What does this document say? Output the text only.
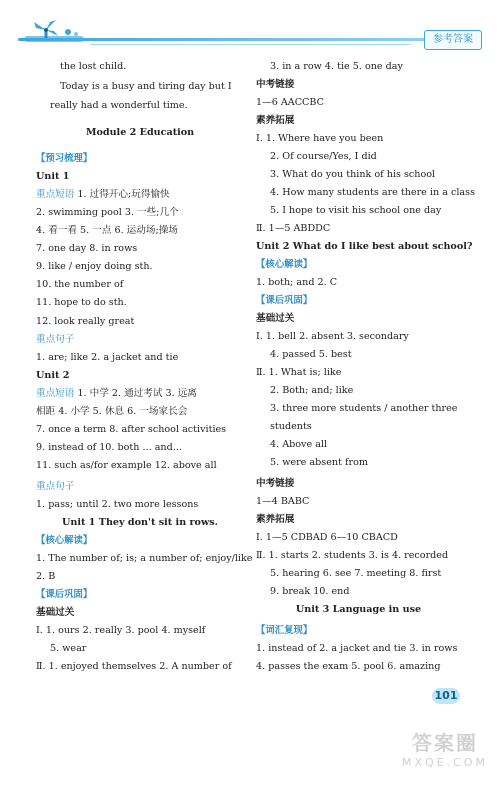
参考答案
the lost child.
Today is a busy and tiring day but I
really had a wonderful time.
Module 2 Education
【预习梳理】
Unit 1
重点短语 1. 过得开心;玩得愉快
2. swimming pool 3. 一些;几个
4. 看一看 5. 一点 6. 运动场;操场
7. one day 8. in rows
9. like / enjoy doing sth.
10. the number of
11. hope to do sth.
12. look really great
重点句子
1. are; like 2. a jacket and tie
Unit 2
重点短语 1. 中学 2. 通过考试 3. 远离
相距 4. 小学 5. 休息 6. 一场家长会
7. once a term 8. after school activities
9. instead of 10. both ... and...
11. such as/for example 12. above all
重点句子
1. pass; until 2. two more lessons
Unit 1 They don't sit in rows.
【核心解读】
1. The number of; is; a number of; enjoy/like
2. B
【课后巩固】
基础过关
Ⅰ. 1. ours 2. really 3. pool 4. myself
5. wear
Ⅱ. 1. enjoyed themselves 2. A number of
3. in a row 4. tie 5. one day
中考链接
1—6 AACCBC
素养拓展
Ⅰ. 1. Where have you been
2. Of course/Yes, I did
3. What do you think of his school
4. How many students are there in a class
5. I hope to visit his school one day
Ⅱ. 1—5 ABDDC
Unit 2 What do I like best about school?
【核心解读】
1. both; and 2. C
【课后巩固】
基础过关
Ⅰ. 1. bell 2. absent 3. secondary
4. passed 5. best
Ⅱ. 1. What is; like
2. Both; and; like
3. three more students / another three
students
4. Above all
5. were absent from
中考链接
1—4 BABC
素养拓展
Ⅰ. 1—5 CDBAD 6—10 CBACD
Ⅱ. 1. starts 2. students 3. is 4. recorded
5. hearing 6. see 7. meeting 8. first
9. break 10. end
Unit 3 Language in use
【词汇复现】
1. instead of 2. a jacket and tie 3. in rows
4. passes the exam 5. pool 6. amazing
101
答案圈
MXQE.COM
